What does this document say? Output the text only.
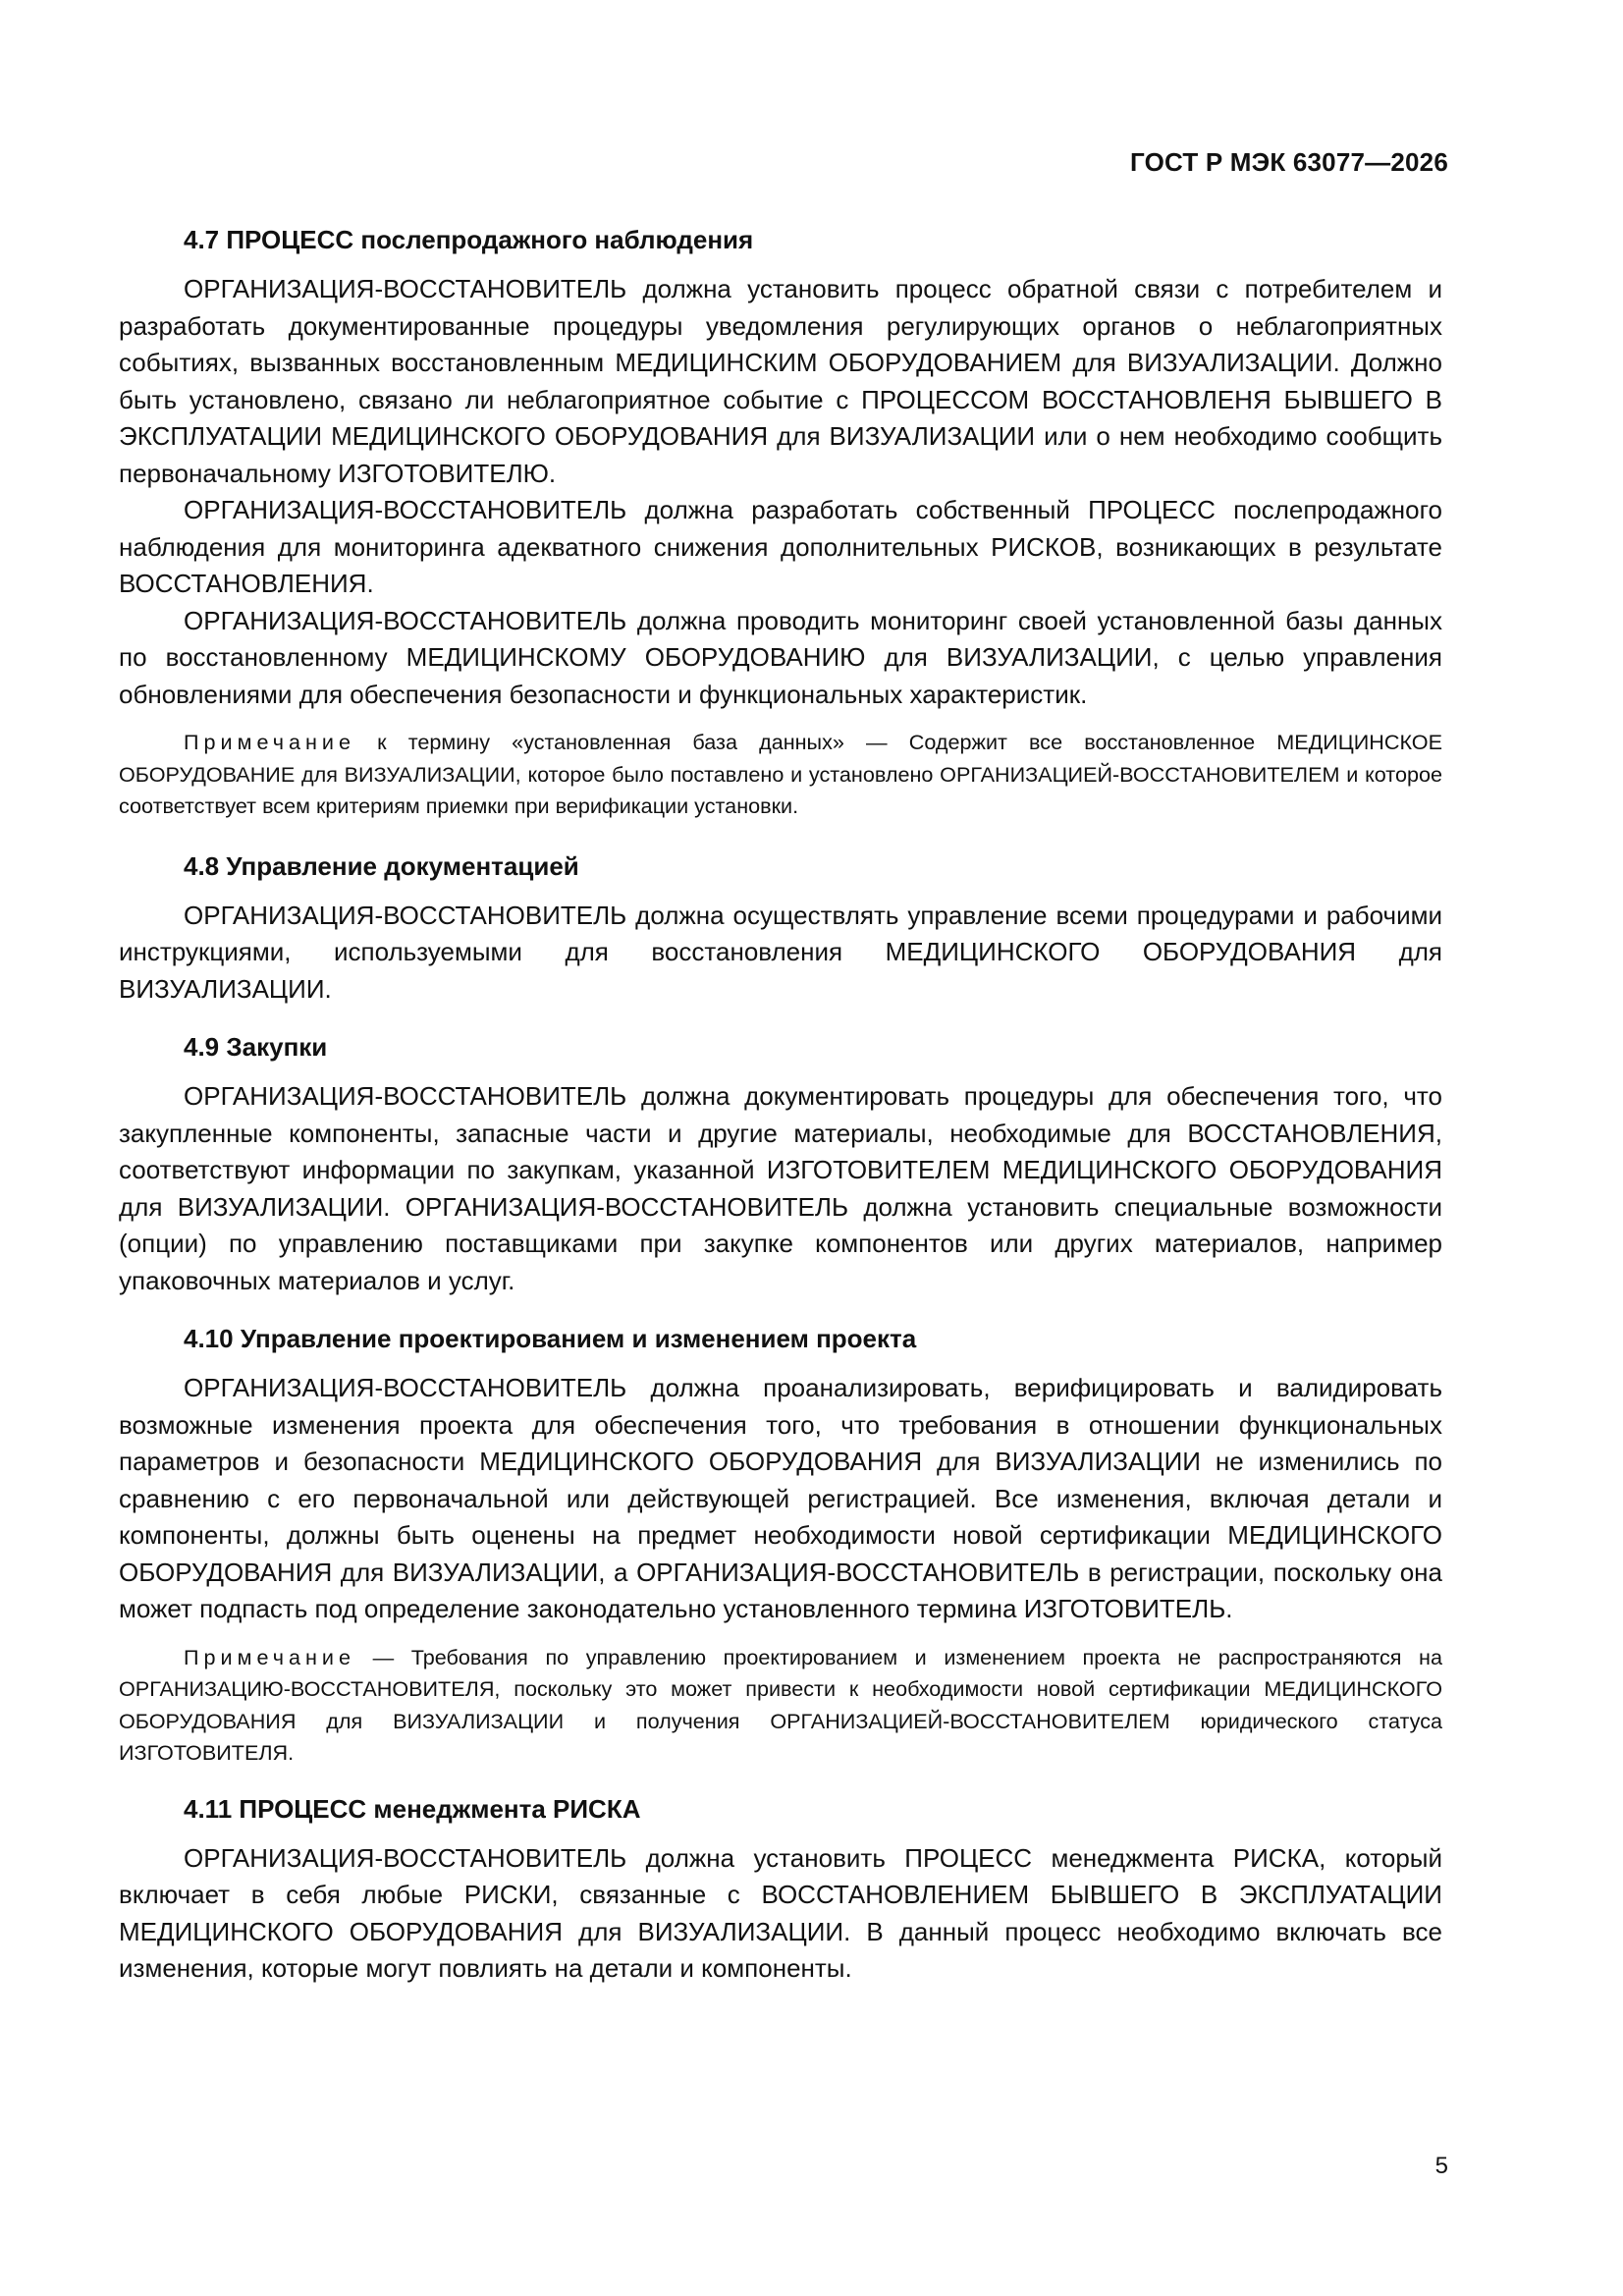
ГОСТ Р МЭК 63077—2026
4.7 ПРОЦЕСС послепродажного наблюдения

ОРГАНИЗАЦИЯ-ВОССТАНОВИТЕЛЬ должна установить процесс обратной связи с потребителем и разработать документированные процедуры уведомления регулирующих органов о неблагоприятных событиях, вызванных восстановленным МЕДИЦИНСКИМ ОБОРУДОВАНИЕМ для ВИЗУАЛИЗАЦИИ. Должно быть установлено, связано ли неблагоприятное событие с ПРОЦЕССОМ ВОССТАНОВЛЕНЯ БЫВШЕГО В ЭКСПЛУАТАЦИИ МЕДИЦИНСКОГО ОБОРУДОВАНИЯ для ВИЗУАЛИЗАЦИИ или о нем необходимо сообщить первоначальному ИЗГОТОВИТЕЛЮ.

ОРГАНИЗАЦИЯ-ВОССТАНОВИТЕЛЬ должна разработать собственный ПРОЦЕСС послепродажного наблюдения для мониторинга адекватного снижения дополнительных РИСКОВ, возникающих в результате ВОССТАНОВЛЕНИЯ.

ОРГАНИЗАЦИЯ-ВОССТАНОВИТЕЛЬ должна проводить мониторинг своей установленной базы данных по восстановленному МЕДИЦИНСКОМУ ОБОРУДОВАНИЮ для ВИЗУАЛИЗАЦИИ, с целью управления обновлениями для обеспечения безопасности и функциональных характеристик.

Примечание к термину «установленная база данных» — Содержит все восстановленное МЕДИЦИНСКОЕ ОБОРУДОВАНИЕ для ВИЗУАЛИЗАЦИИ, которое было поставлено и установлено ОРГАНИЗАЦИЕЙ-ВОССТАНОВИТЕЛЕМ и которое соответствует всем критериям приемки при верификации установки.

4.8 Управление документацией

ОРГАНИЗАЦИЯ-ВОССТАНОВИТЕЛЬ должна осуществлять управление всеми процедурами и рабочими инструкциями, используемыми для восстановления МЕДИЦИНСКОГО ОБОРУДОВАНИЯ для ВИЗУАЛИЗАЦИИ.

4.9 Закупки

ОРГАНИЗАЦИЯ-ВОССТАНОВИТЕЛЬ должна документировать процедуры для обеспечения того, что закупленные компоненты, запасные части и другие материалы, необходимые для ВОССТАНОВЛЕНИЯ, соответствуют информации по закупкам, указанной ИЗГОТОВИТЕЛЕМ МЕДИЦИНСКОГО ОБОРУДОВАНИЯ для ВИЗУАЛИЗАЦИИ. ОРГАНИЗАЦИЯ-ВОССТАНОВИТЕЛЬ должна установить специальные возможности (опции) по управлению поставщиками при закупке компонентов или других материалов, например упаковочных материалов и услуг.

4.10 Управление проектированием и изменением проекта

ОРГАНИЗАЦИЯ-ВОССТАНОВИТЕЛЬ должна проанализировать, верифицировать и валидировать возможные изменения проекта для обеспечения того, что требования в отношении функциональных параметров и безопасности МЕДИЦИНСКОГО ОБОРУДОВАНИЯ для ВИЗУАЛИЗАЦИИ не изменились по сравнению с его первоначальной или действующей регистрацией. Все изменения, включая детали и компоненты, должны быть оценены на предмет необходимости новой сертификации МЕДИЦИНСКОГО ОБОРУДОВАНИЯ для ВИЗУАЛИЗАЦИИ, а ОРГАНИЗАЦИЯ-ВОССТАНОВИТЕЛЬ в регистрации, поскольку она может подпасть под определение законодательно установленного термина ИЗГОТОВИТЕЛЬ.

Примечание — Требования по управлению проектированием и изменением проекта не распространяются на ОРГАНИЗАЦИЮ-ВОССТАНОВИТЕЛЯ, поскольку это может привести к необходимости новой сертификации МЕДИЦИНСКОГО ОБОРУДОВАНИЯ для ВИЗУАЛИЗАЦИИ и получения ОРГАНИЗАЦИЕЙ-ВОССТАНОВИТЕЛЕМ юридического статуса ИЗГОТОВИТЕЛЯ.

4.11 ПРОЦЕСС менеджмента РИСКА

ОРГАНИЗАЦИЯ-ВОССТАНОВИТЕЛЬ должна установить ПРОЦЕСС менеджмента РИСКА, который включает в себя любые РИСКИ, связанные с ВОССТАНОВЛЕНИЕМ БЫВШЕГО В ЭКСПЛУАТАЦИИ МЕДИЦИНСКОГО ОБОРУДОВАНИЯ для ВИЗУАЛИЗАЦИИ. В данный процесс необходимо включать все изменения, которые могут повлиять на детали и компоненты.

5
